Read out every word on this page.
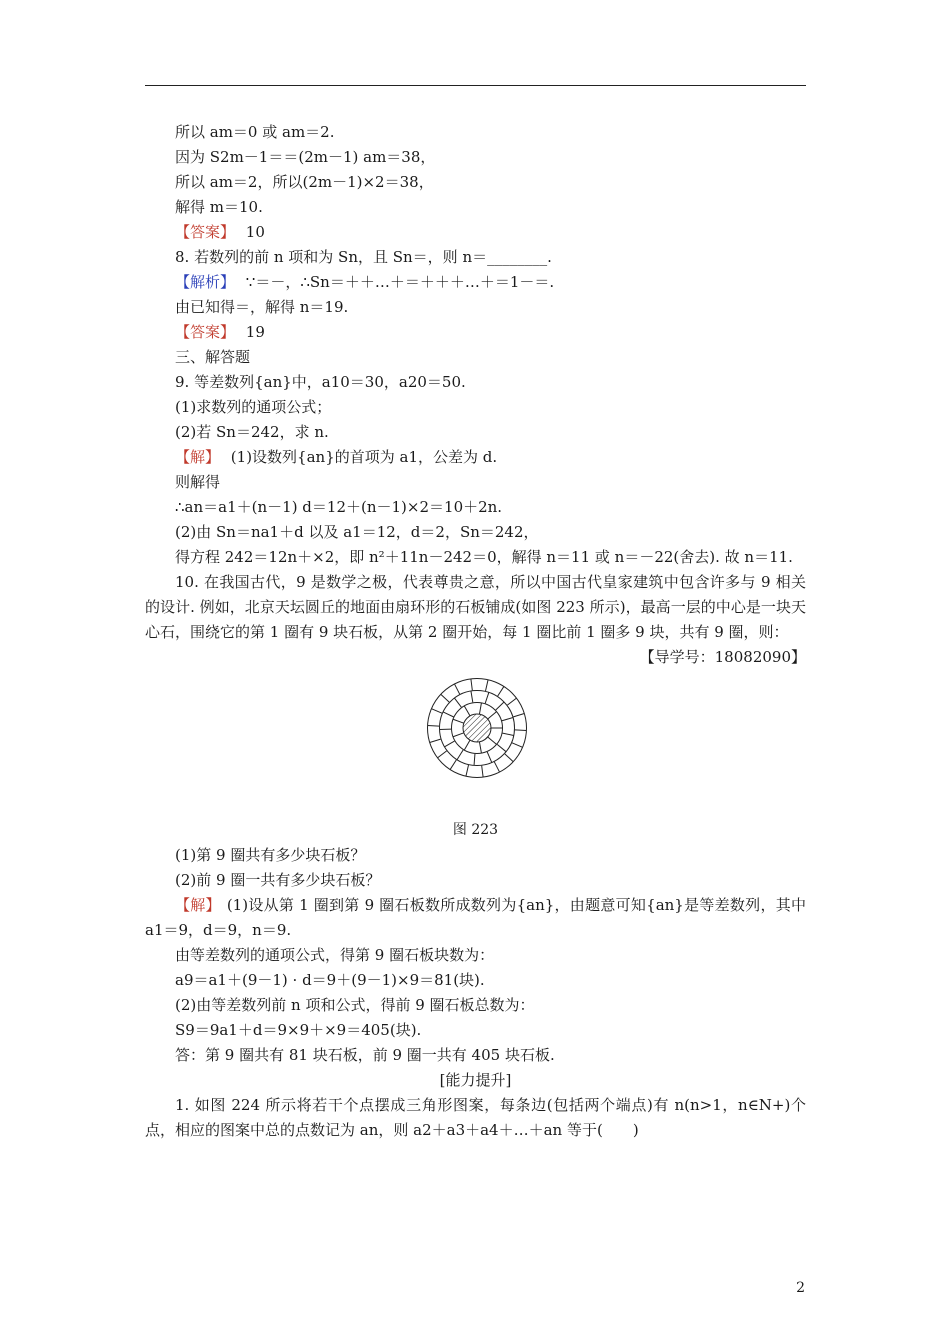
所以 am＝0 或 am＝2.
因为 S2m－1＝＝(2m－1) am＝38，
所以 am＝2，所以(2m－1)×2＝38，
解得 m＝10.
【答案】 10
8. 若数列的前 n 项和为 Sn，且 Sn＝，则 n＝________.
【解析】 ∵＝－，∴Sn＝＋＋…＋＝＋＋＋…＋＝1－＝.
由已知得＝，解得 n＝19.
【答案】 19
三、解答题
9. 等差数列{an}中，a10＝30，a20＝50.
(1)求数列的通项公式；
(2)若 Sn＝242，求 n.
【解】 (1)设数列{an}的首项为 a1，公差为 d.
则解得
∴an＝a1＋(n－1) d＝12＋(n－1)×2＝10＋2n.
(2)由 Sn＝na1＋d 以及 a1＝12，d＝2，Sn＝242，
得方程 242＝12n＋×2，即 n²＋11n－242＝0，解得 n＝11 或 n＝－22(舍去). 故 n＝11.
10. 在我国古代，9 是数学之极，代表尊贵之意，所以中国古代皇家建筑中包含许多与 9 相关的设计. 例如，北京天坛圆丘的地面由扇环形的石板铺成(如图 223 所示)，最高一层的中心是一块天心石，围绕它的第 1 圈有 9 块石板，从第 2 圈开始，每 1 圈比前 1 圈多 9 块，共有 9 圈，则：
【导学号：18082090】
图 223
(1)第 9 圈共有多少块石板？
(2)前 9 圈一共有多少块石板？
【解】 (1)设从第 1 圈到第 9 圈石板数所成数列为{an}，由题意可知{an}是等差数列，其中 a1＝9，d＝9，n＝9.
由等差数列的通项公式，得第 9 圈石板块数为：
a9＝a1＋(9－1) · d＝9＋(9－1)×9＝81(块).
(2)由等差数列前 n 项和公式，得前 9 圈石板总数为：
S9＝9a1＋d＝9×9＋×9＝405(块).
答：第 9 圈共有 81 块石板，前 9 圈一共有 405 块石板.
[能力提升]
1. 如图 224 所示将若干个点摆成三角形图案，每条边(包括两个端点)有 n(n>1，n∈N+)个点，相应的图案中总的点数记为 an，则 a2＋a3＋a4＋…＋an 等于(　　)
2
